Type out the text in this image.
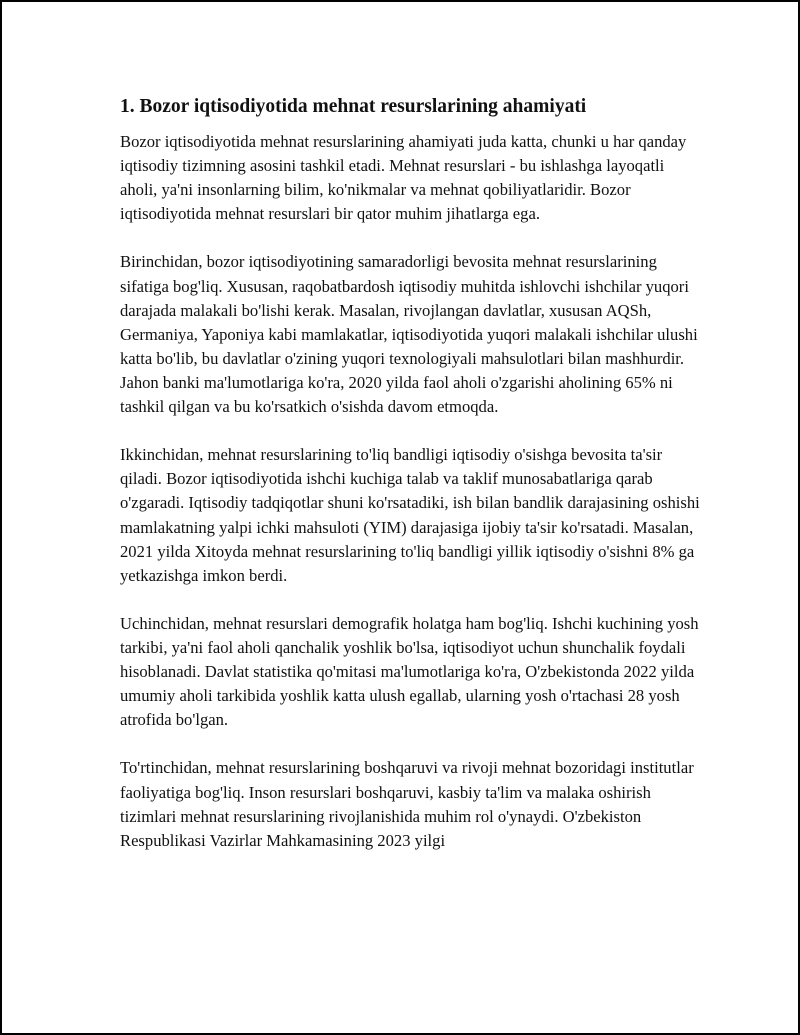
1. Bozor iqtisodiyotida mehnat resurslarining ahamiyati

Bozor iqtisodiyotida mehnat resurslarining ahamiyati juda katta, chunki u har qanday iqtisodiy tizimning asosini tashkil etadi. Mehnat resurslari - bu ishlashga layoqatli aholi, ya'ni insonlarning bilim, ko'nikmalar va mehnat qobiliyatlaridir. Bozor iqtisodiyotida mehnat resurslari bir qator muhim jihatlarga ega.

Birinchidan, bozor iqtisodiyotining samaradorligi bevosita mehnat resurslarining sifatiga bog'liq. Xususan, raqobatbardosh iqtisodiy muhitda ishlovchi ishchilar yuqori darajada malakali bo'lishi kerak. Masalan, rivojlangan davlatlar, xususan AQSh, Germaniya, Yaponiya kabi mamlakatlar, iqtisodiyotida yuqori malakali ishchilar ulushi katta bo'lib, bu davlatlar o'zining yuqori texnologiyali mahsulotlari bilan mashhurdir. Jahon banki ma'lumotlariga ko'ra, 2020 yilda faol aholi o'zgarishi aholining 65% ni tashkil qilgan va bu ko'rsatkich o'sishda davom etmoqda.

Ikkinchidan, mehnat resurslarining to'liq bandligi iqtisodiy o'sishga bevosita ta'sir qiladi. Bozor iqtisodiyotida ishchi kuchiga talab va taklif munosabatlariga qarab o'zgaradi. Iqtisodiy tadqiqotlar shuni ko'rsatadiki, ish bilan bandlik darajasining oshishi mamlakatning yalpi ichki mahsuloti (YIM) darajasiga ijobiy ta'sir ko'rsatadi. Masalan, 2021 yilda Xitoyda mehnat resurslarining to'liq bandligi yillik iqtisodiy o'sishni 8% ga yetkazishga imkon berdi.

Uchinchidan, mehnat resurslari demografik holatga ham bog'liq. Ishchi kuchining yosh tarkibi, ya'ni faol aholi qanchalik yoshlik bo'lsa, iqtisodiyot uchun shunchalik foydali hisoblanadi. Davlat statistika qo'mitasi ma'lumotlariga ko'ra, O'zbekistonda 2022 yilda umumiy aholi tarkibida yoshlik katta ulush egallab, ularning yosh o'rtachasi 28 yosh atrofida bo'lgan.

To'rtinchidan, mehnat resurslarining boshqaruvi va rivoji mehnat bozoridagi institutlar faoliyatiga bog'liq. Inson resurslari boshqaruvi, kasbiy ta'lim va malaka oshirish tizimlari mehnat resurslarining rivojlanishida muhim rol o'ynaydi. O'zbekiston Respublikasi Vazirlar Mahkamasining 2023 yilgi
